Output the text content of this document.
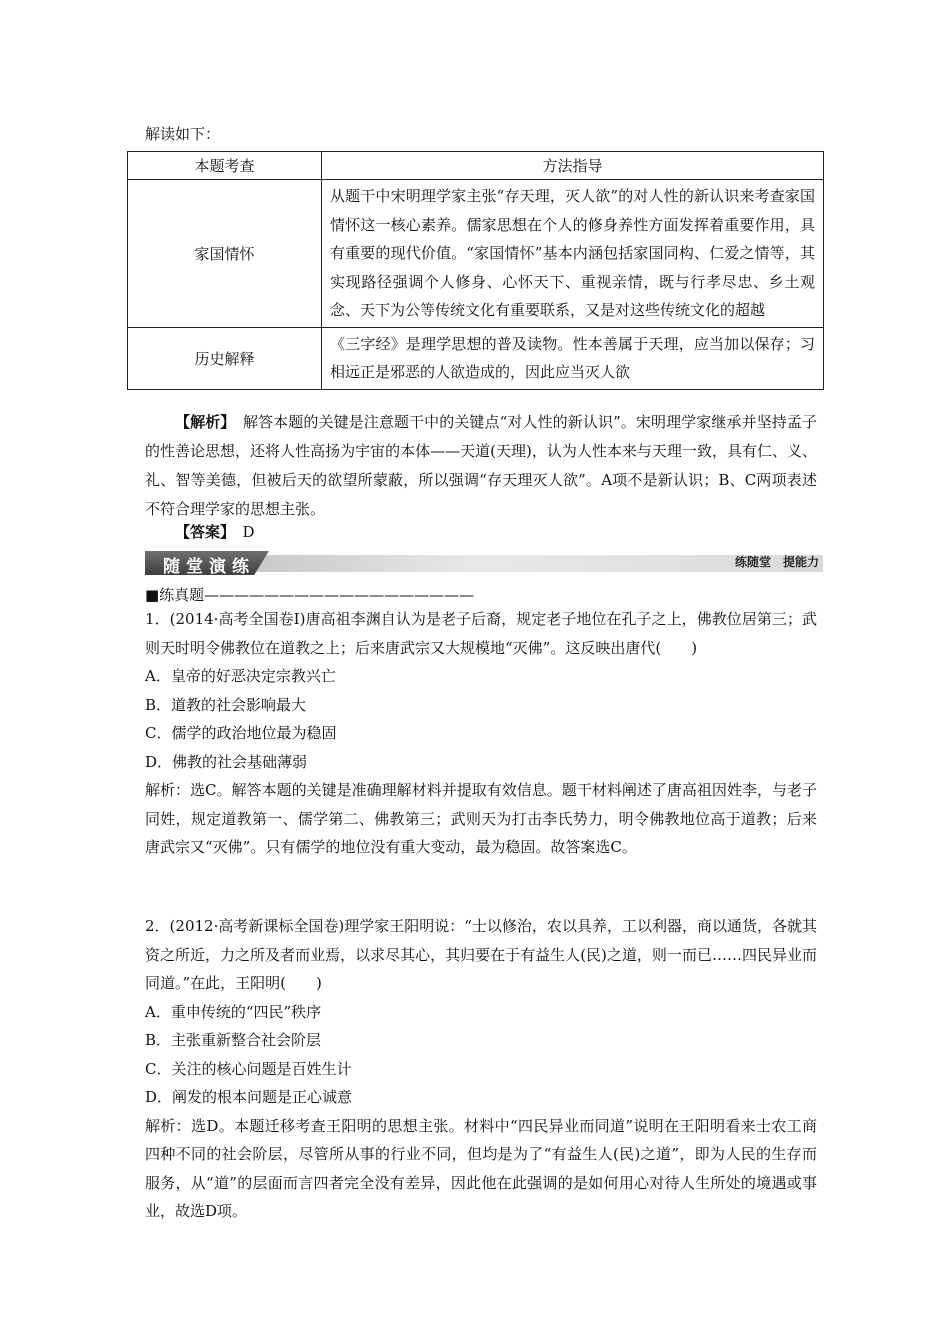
解读如下：
本题考查	方法指导
家国情怀	从题干中宋明理学家主张“存天理，灭人欲”的对人性的新认识来考查家国情怀这一核心素养。儒家思想在个人的修身养性方面发挥着重要作用，具有重要的现代价值。“家国情怀”基本内涵包括家国同构、仁爱之情等，其实现路径强调个人修身、心怀天下、重视亲情，既与行孝尽忠、乡土观念、天下为公等传统文化有重要联系，又是对这些传统文化的超越
历史解释	《三字经》是理学思想的普及读物。性本善属于天理，应当加以保存；习相远正是邪恶的人欲造成的，因此应当灭人欲
【解析】　解答本题的关键是注意题干中的关键点“对人性的新认识”。宋明理学家继承并坚持孟子的性善论思想，还将人性高扬为宇宙的本体——天道(天理)，认为人性本来与天理一致，具有仁、义、礼、智等美德，但被后天的欲望所蒙蔽，所以强调“存天理灭人欲”。A项不是新认识；B、C两项表述不符合理学家的思想主张。
【答案】　D
随堂演练	练随堂　提能力
■练真题——————————————————
1．(2014·高考全国卷Ⅰ)唐高祖李渊自认为是老子后裔，规定老子地位在孔子之上，佛教位居第三；武则天时明令佛教位在道教之上；后来唐武宗又大规模地“灭佛”。这反映出唐代(　　)
A．皇帝的好恶决定宗教兴亡
B．道教的社会影响最大
C．儒学的政治地位最为稳固
D．佛教的社会基础薄弱
解析：选C。解答本题的关键是准确理解材料并提取有效信息。题干材料阐述了唐高祖因姓李，与老子同姓，规定道教第一、儒学第二、佛教第三；武则天为打击李氏势力，明令佛教地位高于道教；后来唐武宗又“灭佛”。只有儒学的地位没有重大变动，最为稳固。故答案选C。
2．(2012·高考新课标全国卷)理学家王阳明说：“士以修治，农以具养，工以利器，商以通货，各就其资之所近，力之所及者而业焉，以求尽其心，其归要在于有益生人(民)之道，则一而已……四民异业而同道。”在此，王阳明(　　)
A．重申传统的“四民”秩序
B．主张重新整合社会阶层
C．关注的核心问题是百姓生计
D．阐发的根本问题是正心诚意
解析：选D。本题迁移考查王阳明的思想主张。材料中“四民异业而同道”说明在王阳明看来士农工商四种不同的社会阶层，尽管所从事的行业不同，但均是为了“有益生人(民)之道”，即为人民的生存而服务，从“道”的层面而言四者完全没有差异，因此他在此强调的是如何用心对待人生所处的境遇或事业，故选D项。
